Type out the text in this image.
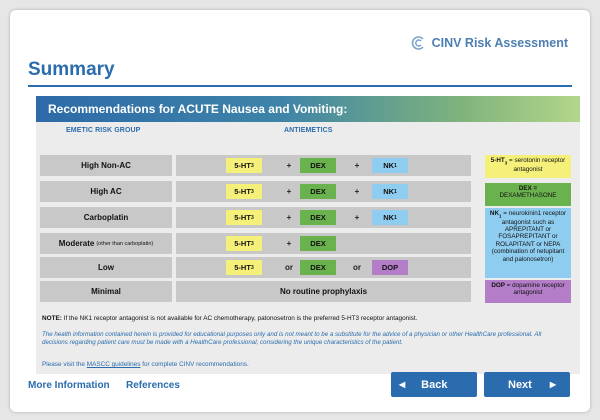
CINV Risk Assessment
Summary
Recommendations for ACUTE Nausea and Vomiting:
EMETIC RISK GROUP	ANTIEMETICS
High Non-AC	5-HT 3	+	DEX	+	NK 1
High AC	5-HT 3	+	DEX	+	NK 1
Carboplatin	5-HT 3	+	DEX	+	NK 1
Moderate (other than carboplatin)	5-HT 3	+	DEX
Low	5-HT 3	or	DEX	or	DOP
Minimal	No routine prophylaxis
$5-HT_3$ = serotonin receptor antagonist
DEX =
DEXAMETHASONE
$NK_1$ = neurokinin1 receptor antagonist such as APREPITANT or FOSAPREPITANT or ROLAPITANT or NEPA (combination of netupitant and palonosetron)
DOP = dopamine receptor antagonist
NOTE: If the NK1 receptor antagonist is not available for AC chemotherapy, patonosetron is the preferred 5-HT3 receptor antagonist.
The health information contained herein is provided for educational purposes only and is not meant to be a substitute for the advice of a physician or other HealthCare professional. All decisions regarding patient care must be made with a HealthCare professional, considering the unique characteristics of the patient.
Please visit the MASCC guidelines for complete CINV recommendations.
More Information References	◀ Back	Next ▶
